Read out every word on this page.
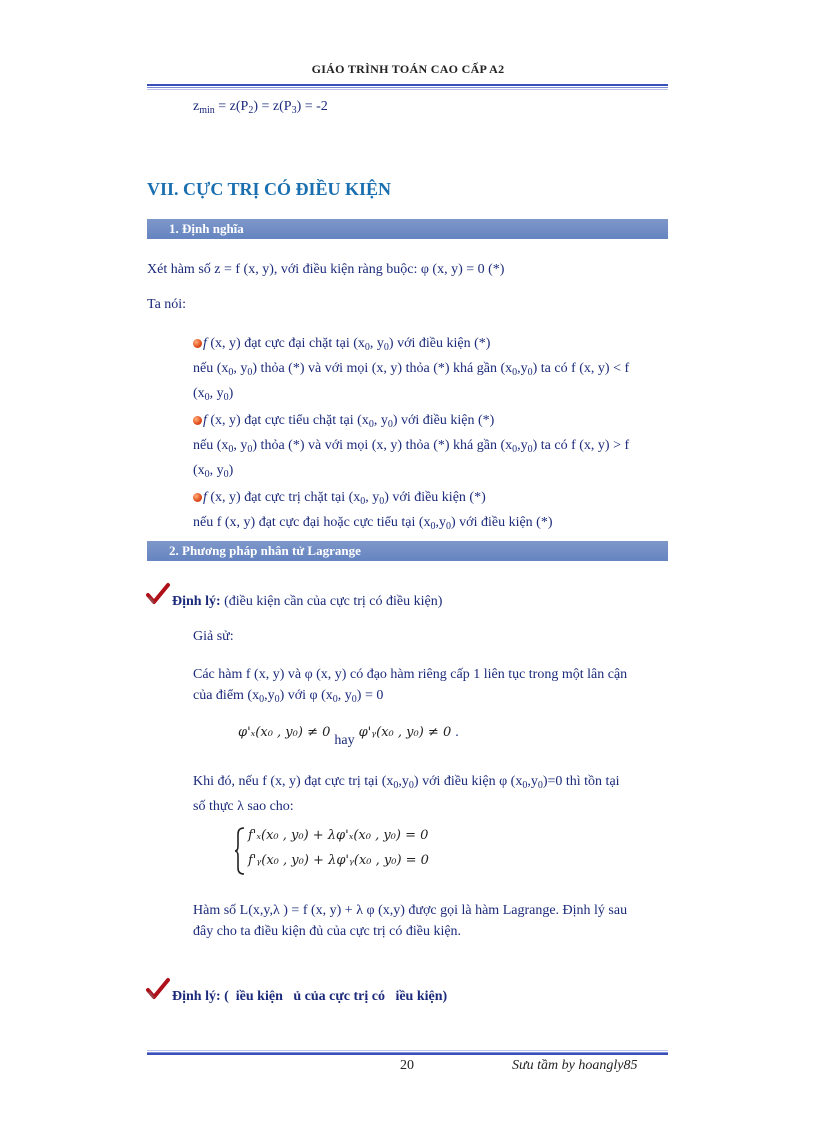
GIÁO TRÌNH TOÁN CAO CẤP A2
$z_{min} = z(P_2) = z(P_3) = -2$
VII. CỰC TRỊ CÓ ĐIỀU KIỆN
1. Định nghĩa
Xét hàm số z = f (x, y), với điều kiện ràng buộc: φ (x, y) = 0 (*)
Ta nói:
f (x, y) đạt cực đại chặt tại ($x_0$, $y_0$) với điều kiện (*)
nếu ($x_0$, $y_0$) thỏa (*) và với mọi (x, y) thỏa (*) khá gần $(x_0,y_0)$ ta có f (x, y) < f
($x_0$, $y_0$)
f (x, y) đạt cực tiểu chặt tại ($x_0$, $y_0$) với điều kiện (*)
nếu ($x_0$, $y_0$) thỏa (*) và với mọi (x, y) thỏa (*) khá gần $(x_0,y_0)$ ta có f (x, y) > f
($x_0$, $y_0$)
f (x, y) đạt cực trị chặt tại ($x_0$, $y_0$) với điều kiện (*)
nếu f (x, y) đạt cực đại hoặc cực tiểu tại $(x_0,y_0)$ với điều kiện (*)
2. Phương pháp nhân tử Lagrange
Định lý: (điều kiện cần của cực trị có điều kiện)
Giả sử:
Các hàm f (x, y) và φ (x, y) có đạo hàm riêng cấp 1 liên tục trong một lân cận
của điểm $(x_0,y_0)$ với φ ($x_0$, $y_0) = 0$
φ'ₓ(x₀ , y₀) ≠ 0 hay φ'ᵧ(x₀ , y₀) ≠ 0 .
Khi đó, nếu f (x, y) đạt cực trị tại $(x_0,y_0)$ với điều kiện φ $(x_0,y_0)=0$ thì tồn tại
số thực λ sao cho:
f'ₓ(x₀ , y₀) + λφ'ₓ(x₀ , y₀) = 0
f'ᵧ(x₀ , y₀) + λφ'ᵧ(x₀ , y₀) = 0
Hàm số L(x,y,λ ) = f (x, y) + λ φ (x,y) được gọi là hàm Lagrange. Định lý sau
đây cho ta điều kiện đủ của cực trị có điều kiện.
Định lý: (  iều kiện   ủ của cực trị có   iều kiện)
20	Sưu tầm by hoangly85
